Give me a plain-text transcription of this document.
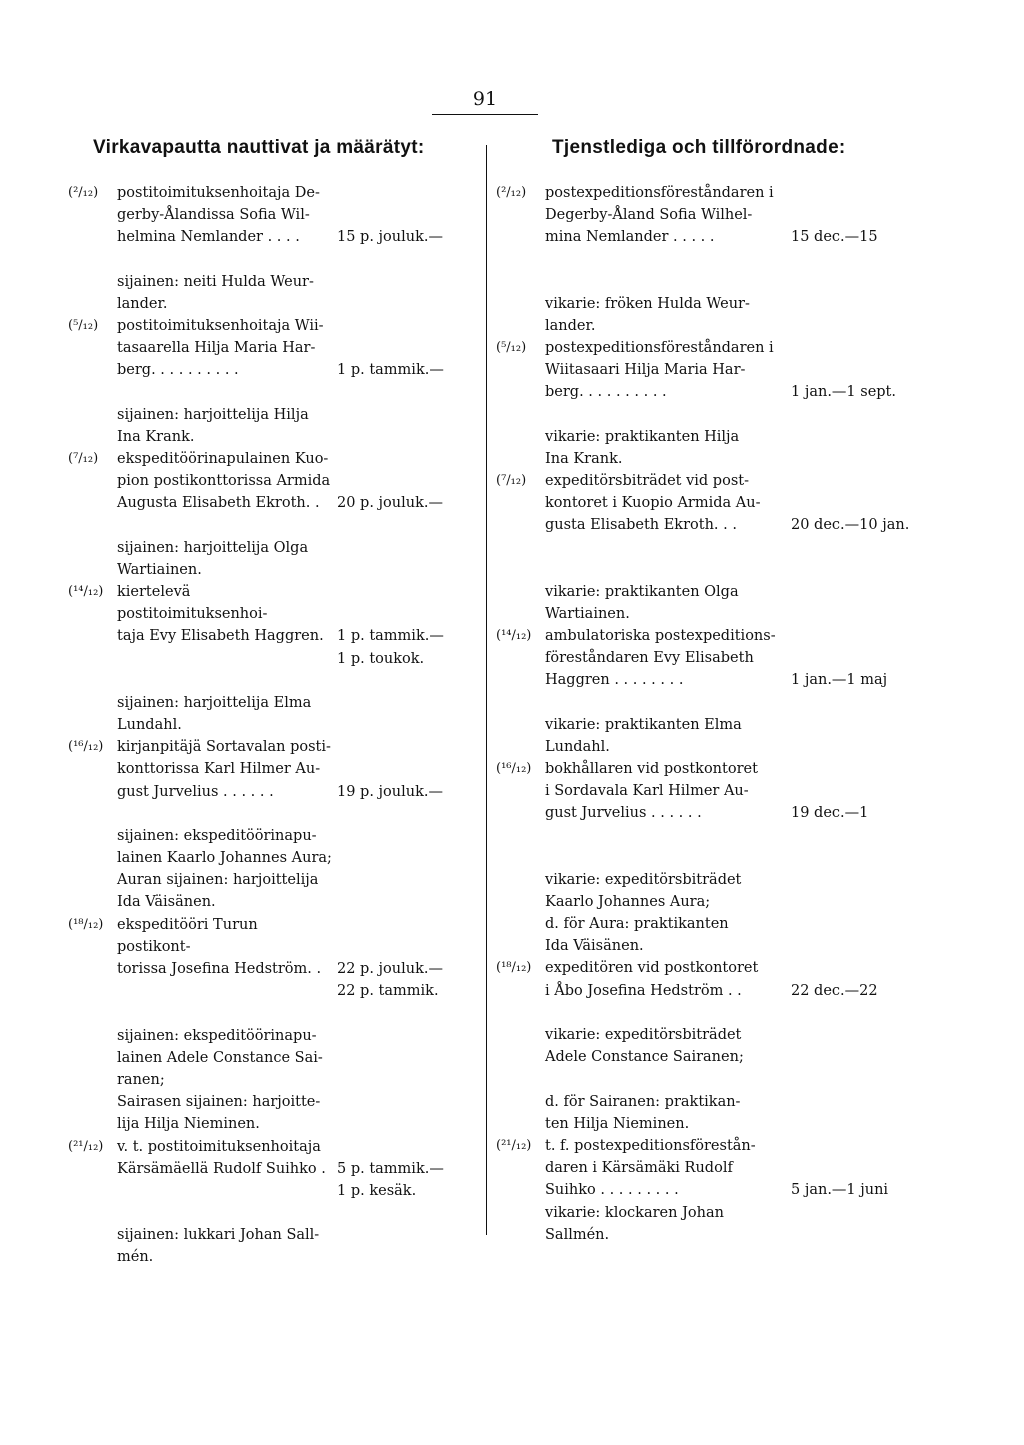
91
Virkavapautta nauttivat ja määrätyt:	Tjenstlediga och tillförordnade:
(²/₁₂)	postitoimituksenhoitaja De-
gerby-Ålandissa Sofia Wil-
helmina Nemlander . . . .	15 p. jouluk.—
sijainen: neiti Hulda Weur-
lander.
(⁵/₁₂)	postitoimituksenhoitaja Wii-
tasaarella Hilja Maria Har-
berg. . . . . . . . . .	1 p. tammik.—
sijainen: harjoittelija Hilja
Ina Krank.
(⁷/₁₂)	ekspeditöörinapulainen Kuo-
pion postikonttorissa Armida
Augusta Elisabeth Ekroth. .	20 p. jouluk.—
sijainen: harjoittelija Olga
Wartiainen.
(¹⁴/₁₂) kiertelevä postitoimituksenhoi-
taja Evy Elisabeth Haggren. 1 p. tammik.—
1 p. toukok.
sijainen: harjoittelija Elma
Lundahl.
(¹⁶/₁₂) kirjanpitäjä Sortavalan posti-
konttorissa Karl Hilmer Au-
gust Jurvelius . . . . . .	19 p. jouluk.—
sijainen: ekspeditöörinapu-
lainen Kaarlo Johannes Aura;
Auran sijainen: harjoittelija
Ida Väisänen.
(¹⁸/₁₂) ekspeditööri Turun postikont-
torissa Josefina Hedström. .	22 p. jouluk.—
22 p. tammik.
sijainen: ekspeditöörinapu-
lainen Adele Constance Sai-
ranen;
Sairasen sijainen: harjoitte-
lija Hilja Nieminen.
(²¹/₁₂) v. t. postitoimituksenhoitaja
Kärsämäellä Rudolf Suihko . 5 p. tammik.—
1 p. kesäk.
sijainen: lukkari Johan Sall-
mén.
(²/₁₂)	postexpeditionsföreståndaren i
Degerby-Åland Sofia Wilhel-
mina Nemlander . . . . .	15 dec.—15
vikarie: fröken Hulda Weur-
lander.
(⁵/₁₂)	postexpeditionsföreståndaren i
Wiitasaari Hilja Maria Har-
berg. . . . . . . . . .	1 jan.—1 sept.
vikarie: praktikanten Hilja
Ina Krank.
(⁷/₁₂)	expeditörsbiträdet vid post-
kontoret i Kuopio Armida Au-
gusta Elisabeth Ekroth. . .	20 dec.—10 jan.
vikarie: praktikanten Olga
Wartiainen.
(¹⁴/₁₂) ambulatoriska postexpeditions-
föreståndaren Evy Elisabeth
Haggren . . . . . . . .	1 jan.—1 maj
vikarie: praktikanten Elma
Lundahl.
(¹⁶/₁₂) bokhållaren vid postkontoret
i Sordavala Karl Hilmer Au-
gust Jurvelius . . . . . .	19 dec.—1
vikarie: expeditörsbiträdet
Kaarlo Johannes Aura;
d. för Aura: praktikanten
Ida Väisänen.
(¹⁸/₁₂) expeditören vid postkontoret
i Åbo Josefina Hedström . .	22 dec.—22
vikarie: expeditörsbiträdet
Adele Constance Sairanen;

d. för Sairanen: praktikan-
ten Hilja Nieminen.
(²¹/₁₂) t. f. postexpeditionsförestån-
daren i Kärsämäki Rudolf
Suihko . . . . . . . . .	5 jan.—1 juni
vikarie: klockaren Johan
Sallmén.
